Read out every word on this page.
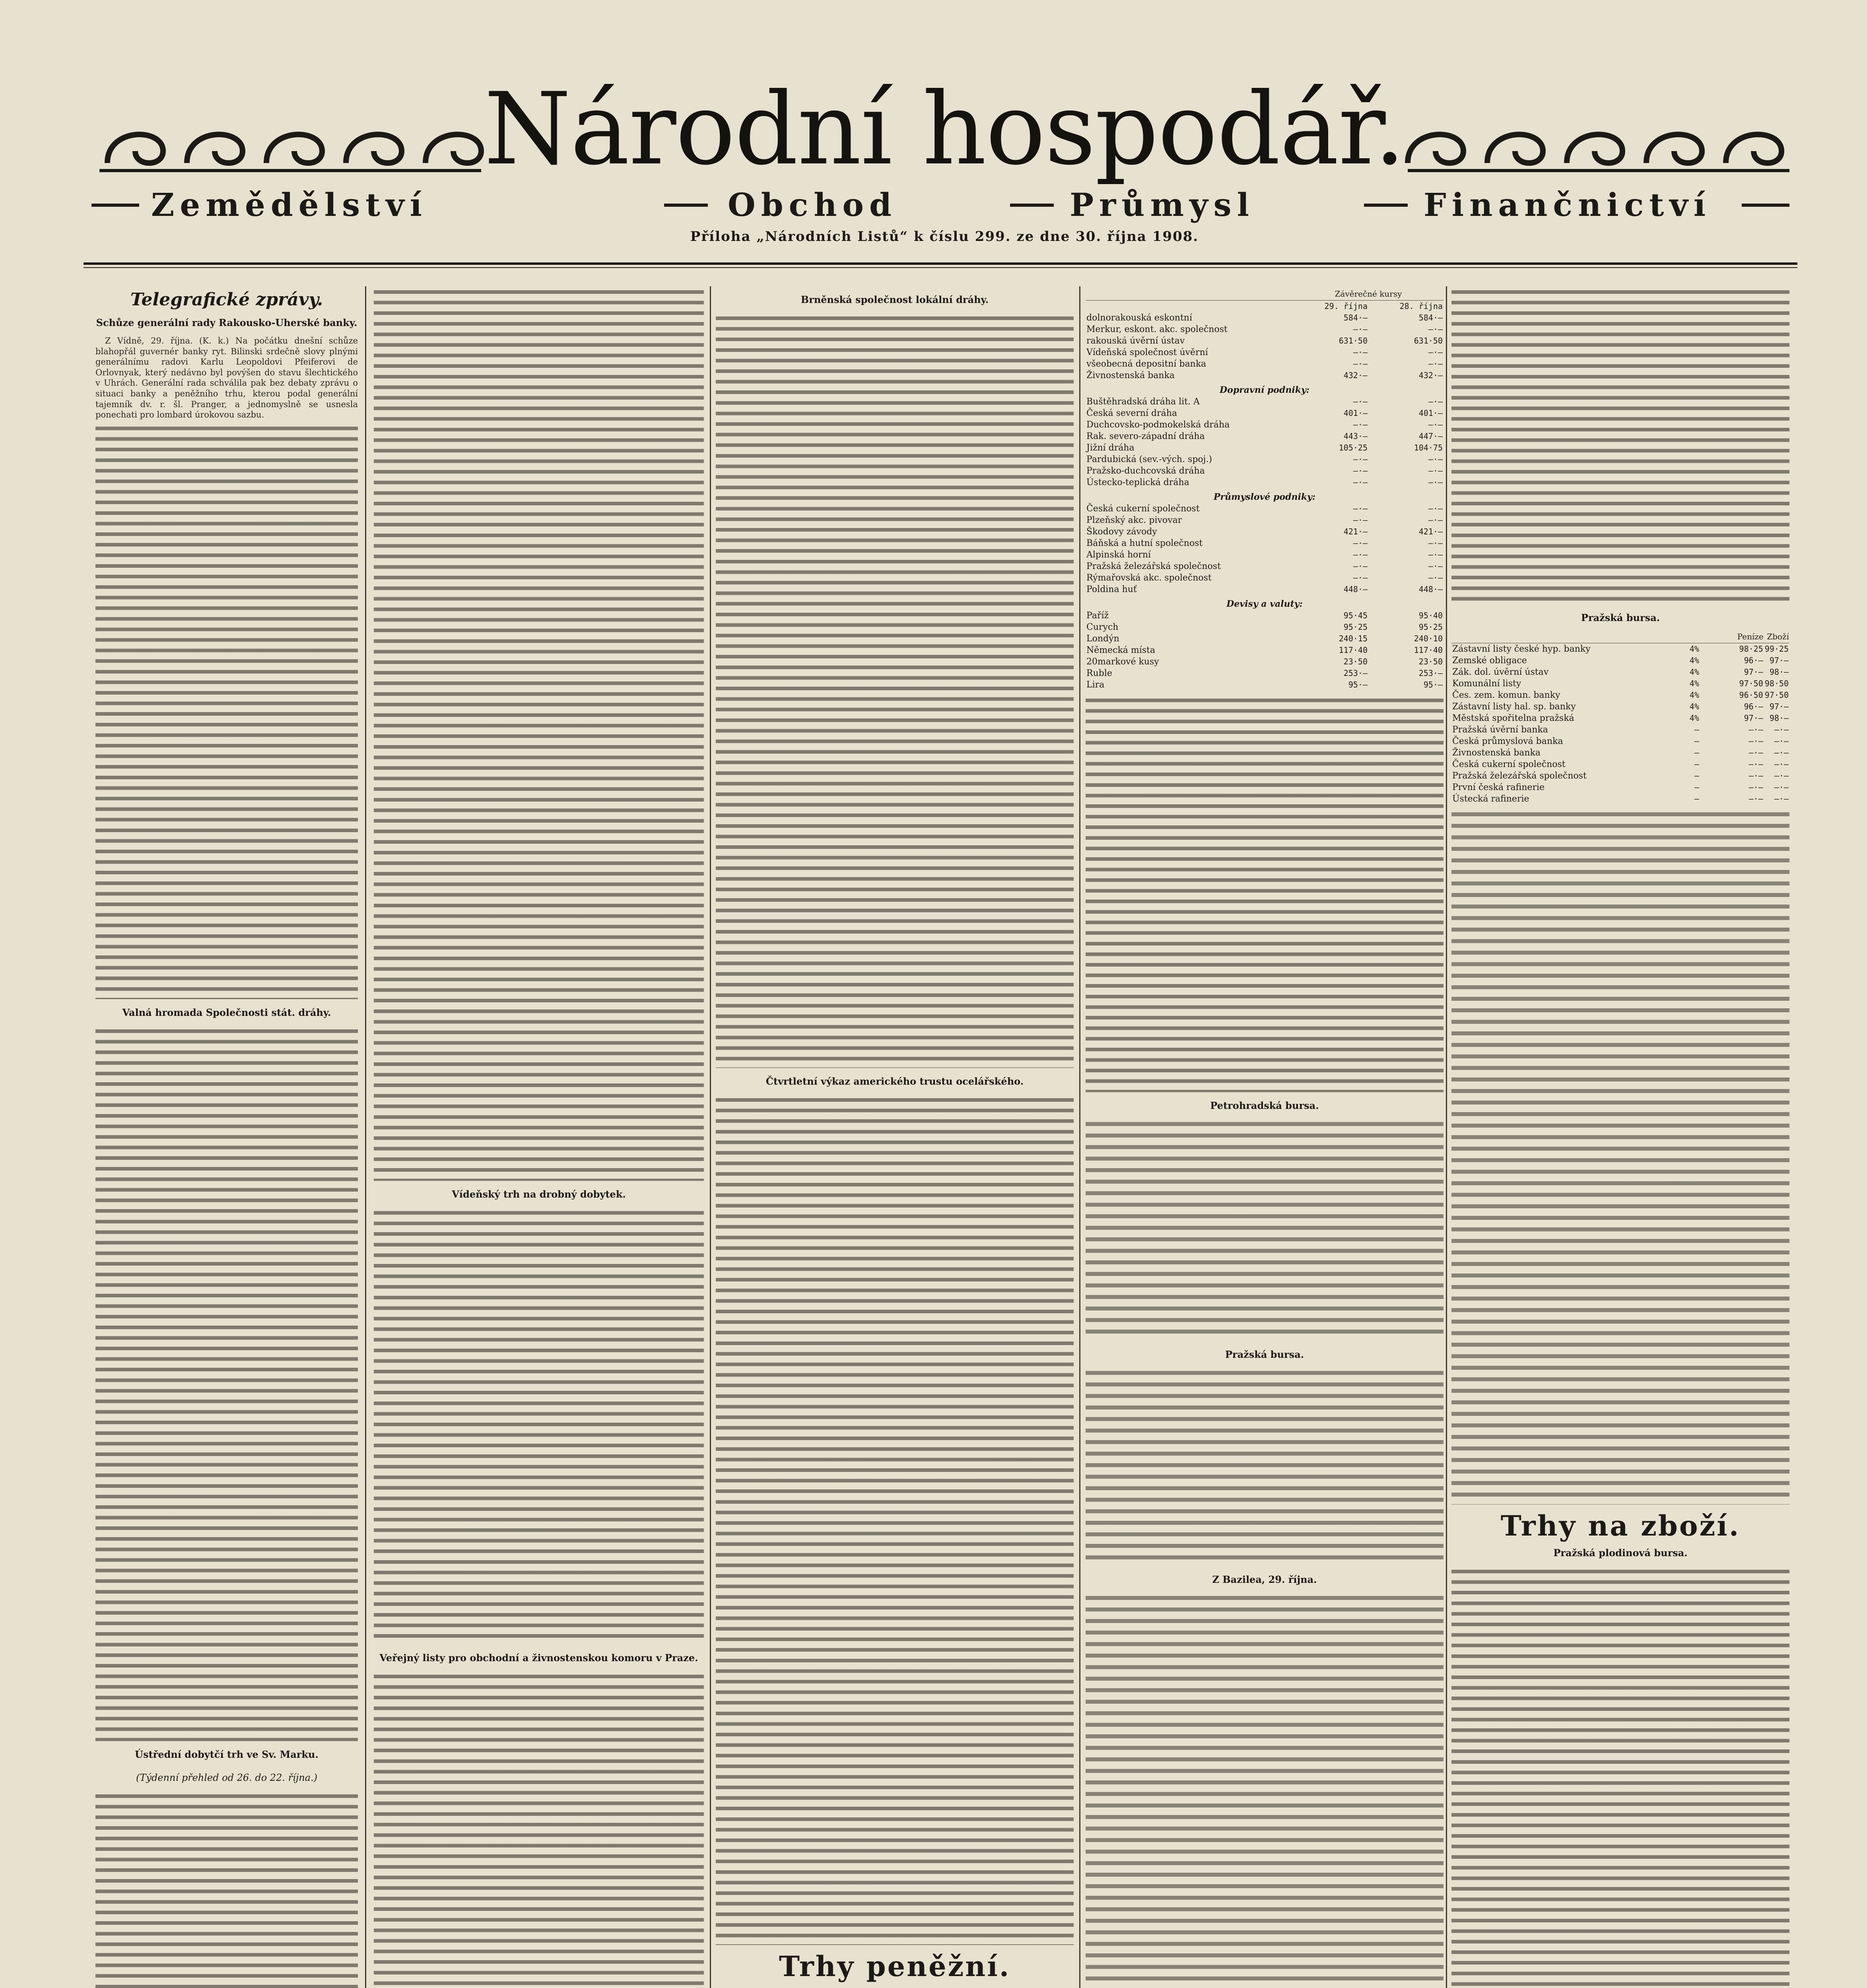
Národní hospodář.
Zemědělství	Obchod	Průmysl	Finančnictví
Příloha „Národních Listů“ k číslu 299. ze dne 30. října 1908.
Telegrafické zprávy.
Schůze generální rady Rakousko-Uherské banky.

Z Vídně, 29. října. (K. k.) Na počátku dnešní schůze blahopřál guvernér banky ryt. Bilinski srdečně slovy plnými generálnímu radovi Karlu Leopoldovi Pfeiferovi de Orlovnyak, který nedávno byl povýšen do stavu šlechtického v Uhrách. Generální rada schválila pak bez debaty zprávu o situaci banky a peněžního trhu, kterou podal generální tajemník dv. r. šl. Pranger, a jednomyslně se usnesla ponechati pro lombard úrokovou sazbu.

Valná hromada Společnosti stát. dráhy.
Ústřední dobytčí trh ve Sv. Marku.
(Týdenní přehled od 26. do 22. října.)
Vídeňský trh na drobný dobytek.
Veřejný listy pro obchodní a živnostenskou komoru v Praze.
Brněnská společnost lokální dráhy.
Čtvrtletní výkaz amerického trustu ocelářského.
Trhy peněžní.

	Závěrečné kursy	
	29. října	28. října
dolnorakouská eskontní	584·—	584·—
Merkur, eskont. akc. společnost	—·—	—·—
rakouská úvěrní ústav	631·50	631·50
Vídeňská společnost úvěrní	—·—	—·—
všeobecná depositní banka	—·—	—·—
Živnostenská banka	432·—	432·—
Dopravní podniky:		
Buštěhradská dráha lit. A	—·—	—·—
Česká severní dráha	401·—	401·—
Duchcovsko-podmokelská dráha	—·—	—·—
Rak. severo-západní dráha	443·—	447·—
Jižní dráha	105·25	104·75
Pardubická (sev.-vých. spoj.)	—·—	—·—
Pražsko-duchcovská dráha	—·—	—·—
Ústecko-teplická dráha	—·—	—·—
Průmyslové podniky:		
Česká cukerní společnost	—·—	—·—
Plzeňský akc. pivovar	—·—	—·—
Škodovy závody	421·—	421·—
Báňská a hutní společnost	—·—	—·—
Alpinská horní	—·—	—·—
Pražská železářská společnost	—·—	—·—
Rýmařovská akc. společnost	—·—	—·—
Poldina huť	448·—	448·—
Devisy a valuty:		
Paříž	95·45	95·40
Curych	95·25	95·25
Londýn	240·15	240·10
Německá místa	117·40	117·40
20markové kusy	23·50	23·50
Ruble	253·—	253·—
Lira	95·—	95·—
Petrohradská bursa.
Pražská bursa.
Z Bazilea, 29. října.
Pražská bursa.
		Peníze	Zboží
Zástavní listy české hyp. banky	4%	98·25	99·25
Zemské obligace	4%	96·—	97·—
Zák. dol. úvěrní ústav	4%	97·—	98·—
Komunální listy	4%	97·50	98·50
Čes. zem. komun. banky	4%	96·50	97·50
Zástavní listy hal. sp. banky	4%	96·—	97·—
Městská spořitelna pražská	4%	97·—	98·—
Pražská úvěrní banka	—	—·—	—·—
Česká průmyslová banka	—	—·—	—·—
Živnostenská banka	—	—·—	—·—
Česká cukerní společnost	—	—·—	—·—
Pražská železářská společnost	—	—·—	—·—
První česká rafinerie	—	—·—	—·—
Ústecká rafinerie	—	—·—	—·—
Trhy na zboží.
Pražská plodinová bursa.
